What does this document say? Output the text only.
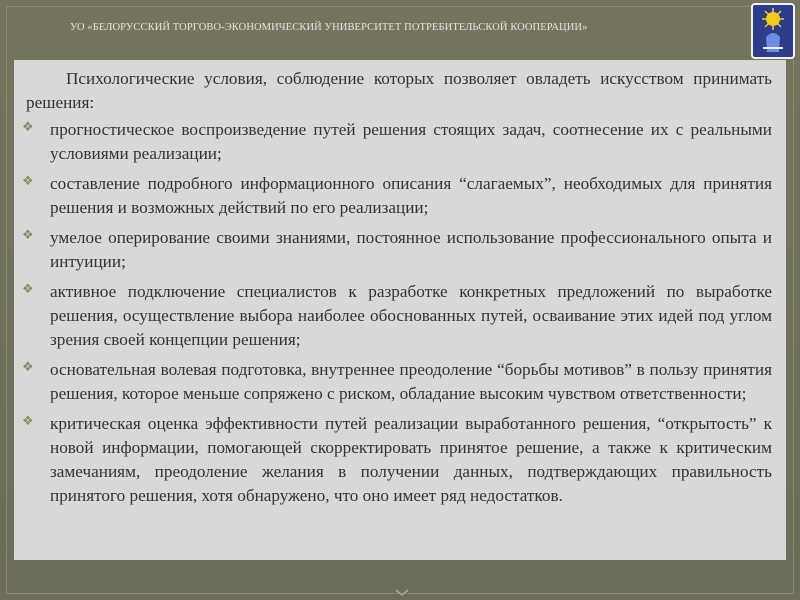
УО «БЕЛОРУССКИЙ ТОРГОВО-ЭКОНОМИЧЕСКИЙ УНИВЕРСИТЕТ ПОТРЕБИТЕЛЬСКОЙ КООПЕРАЦИИ»
Психологические условия, соблюдение которых позволяет овладеть искусством принимать решения:
❖ прогностическое воспроизведение путей решения стоящих задач, соотнесение их с реальными условиями реализации;
❖ составление подробного информационного описания “слагаемых”, необходимых для принятия решения и возможных действий по его реализации;
❖ умелое оперирование своими знаниями, постоянное использование профессионального опыта и интуиции;
❖ активное подключение специалистов к разработке конкретных предложений по выработке решения, осуществление выбора наиболее обоснованных путей, осваивание этих идей под углом зрения своей концепции решения;
❖ основательная волевая подготовка, внутреннее преодоление “борьбы мотивов” в пользу принятия решения, которое меньше сопряжено с риском, обладание высоким чувством ответственности;
❖ критическая оценка эффективности путей реализации выработанного решения, “открытость” к новой информации, помогающей скорректировать принятое решение, а также к критическим замечаниям, преодоление желания в получении данных, подтверждающих правильность принятого решения, хотя обнаружено, что оно имеет ряд недостатков.
